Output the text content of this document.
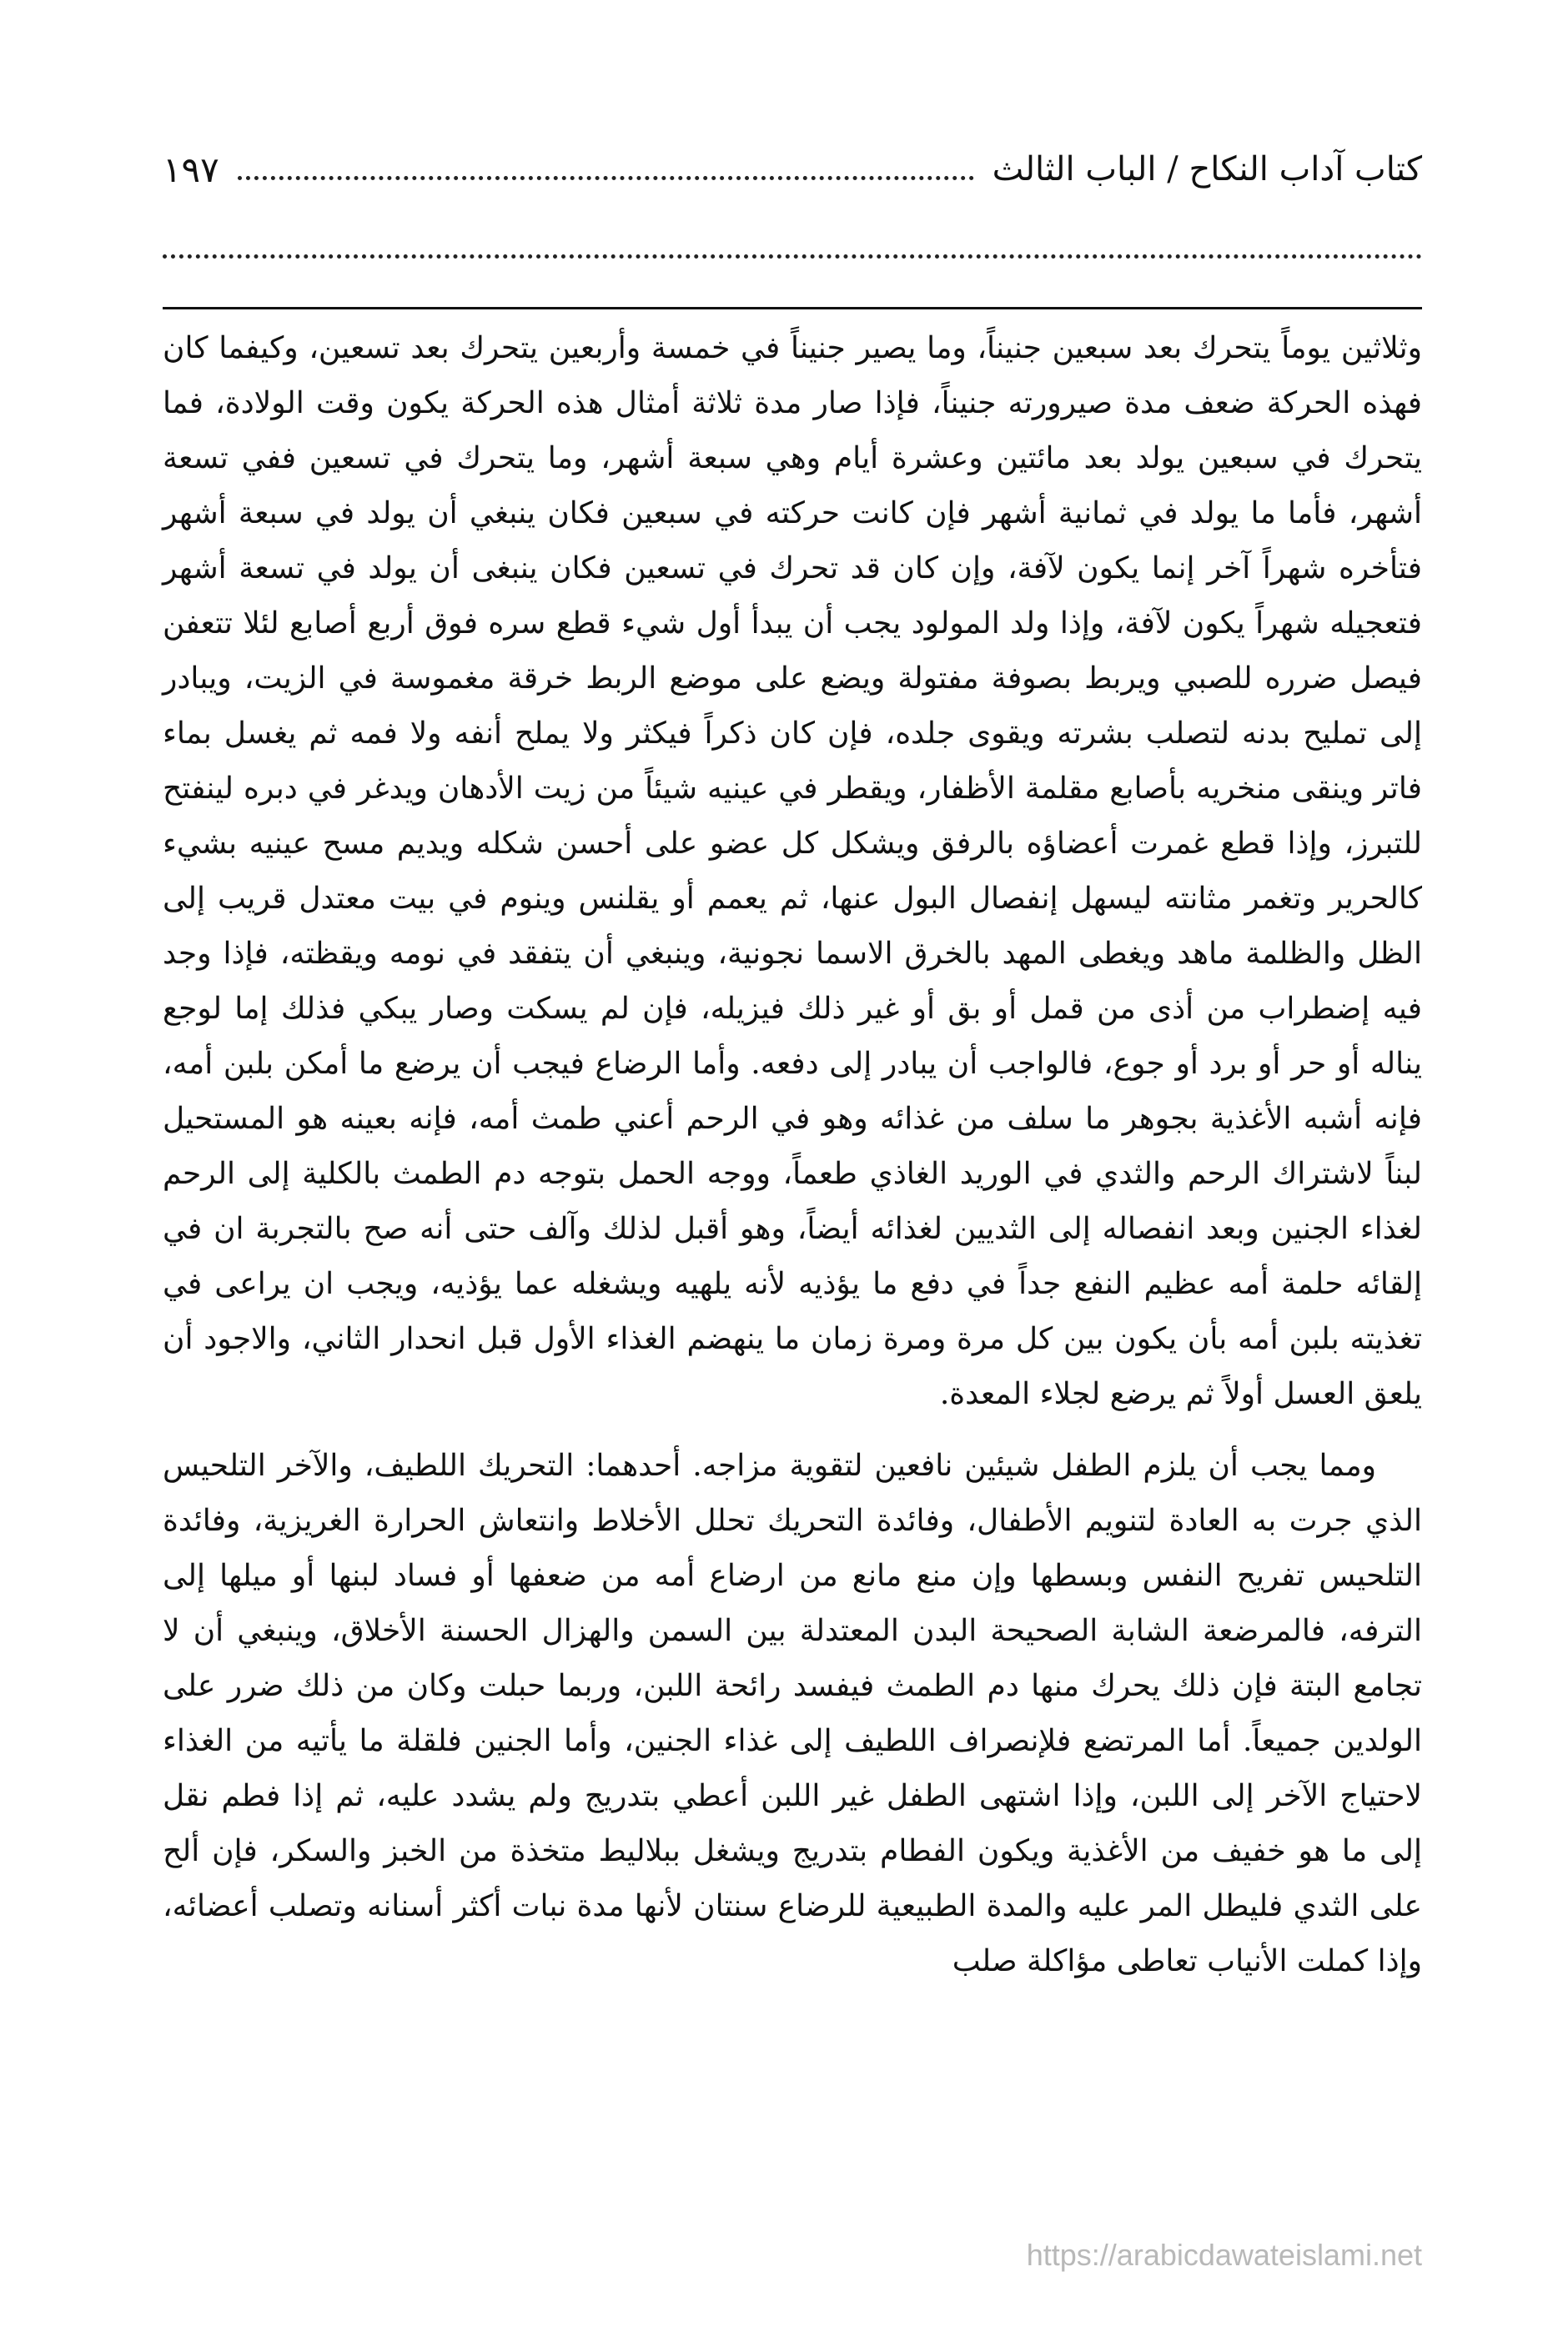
كتاب آداب النكاح / الباب الثالث
١٩٧

وثلاثين يوماً يتحرك بعد سبعين جنيناً، وما يصير جنيناً في خمسة وأربعين يتحرك بعد تسعين، وكيفما كان فهذه الحركة ضعف مدة صيرورته جنيناً، فإذا صار مدة ثلاثة أمثال هذه الحركة يكون وقت الولادة، فما يتحرك في سبعين يولد بعد مائتين وعشرة أيام وهي سبعة أشهر، وما يتحرك في تسعين ففي تسعة أشهر، فأما ما يولد في ثمانية أشهر فإن كانت حركته في سبعين فكان ينبغي أن يولد في سبعة أشهر فتأخره شهراً آخر إنما يكون لآفة، وإن كان قد تحرك في تسعين فكان ينبغى أن يولد في تسعة أشهر فتعجيله شهراً يكون لآفة، وإذا ولد المولود يجب أن يبدأ أول شيء قطع سره فوق أربع أصابع لئلا تتعفن فيصل ضرره للصبي ويربط بصوفة مفتولة ويضع على موضع الربط خرقة مغموسة في الزيت، ويبادر إلى تمليح بدنه لتصلب بشرته ويقوى جلده، فإن كان ذكراً فيكثر ولا يملح أنفه ولا فمه ثم يغسل بماء فاتر وينقى منخريه بأصابع مقلمة الأظفار، ويقطر في عينيه شيئاً من زيت الأدهان ويدغر في دبره لينفتح للتبرز، وإذا قطع غمرت أعضاؤه بالرفق ويشكل كل عضو على أحسن شكله ويديم مسح عينيه بشيء كالحرير وتغمر مثانته ليسهل إنفصال البول عنها، ثم يعمم أو يقلنس وينوم في بيت معتدل قريب إلى الظل والظلمة ماهد ويغطى المهد بالخرق الاسما نجونية، وينبغي أن يتفقد في نومه ويقظته، فإذا وجد فيه إضطراب من أذى من قمل أو بق أو غير ذلك فيزيله، فإن لم يسكت وصار يبكي فذلك إما لوجع يناله أو حر أو برد أو جوع، فالواجب أن يبادر إلى دفعه. وأما الرضاع فيجب أن يرضع ما أمكن بلبن أمه، فإنه أشبه الأغذية بجوهر ما سلف من غذائه وهو في الرحم أعني طمث أمه، فإنه بعينه هو المستحيل لبناً لاشتراك الرحم والثدي في الوريد الغاذي طعماً، ووجه الحمل بتوجه دم الطمث بالكلية إلى الرحم لغذاء الجنين وبعد انفصاله إلى الثديين لغذائه أيضاً، وهو أقبل لذلك وآلف حتى أنه صح بالتجربة ان في إلقائه حلمة أمه عظيم النفع جداً في دفع ما يؤذيه لأنه يلهيه ويشغله عما يؤذيه، ويجب ان يراعى في تغذيته بلبن أمه بأن يكون بين كل مرة ومرة زمان ما ينهضم الغذاء الأول قبل انحدار الثاني، والاجود أن يلعق العسل أولاً ثم يرضع لجلاء المعدة.

ومما يجب أن يلزم الطفل شيئين نافعين لتقوية مزاجه. أحدهما: التحريك اللطيف، والآخر التلحيس الذي جرت به العادة لتنويم الأطفال، وفائدة التحريك تحلل الأخلاط وانتعاش الحرارة الغريزية، وفائدة التلحيس تفريح النفس وبسطها وإن منع مانع من ارضاع أمه من ضعفها أو فساد لبنها أو ميلها إلى الترفه، فالمرضعة الشابة الصحيحة البدن المعتدلة بين السمن والهزال الحسنة الأخلاق، وينبغي أن لا تجامع البتة فإن ذلك يحرك منها دم الطمث فيفسد رائحة اللبن، وربما حبلت وكان من ذلك ضرر على الولدين جميعاً. أما المرتضع فلإنصراف اللطيف إلى غذاء الجنين، وأما الجنين فلقلة ما يأتيه من الغذاء لاحتياج الآخر إلى اللبن، وإذا اشتهى الطفل غير اللبن أعطي بتدريج ولم يشدد عليه، ثم إذا فطم نقل إلى ما هو خفيف من الأغذية ويكون الفطام بتدريج ويشغل ببلاليط متخذة من الخبز والسكر، فإن ألح على الثدي فليطل المر عليه والمدة الطبيعية للرضاع سنتان لأنها مدة نبات أكثر أسنانه وتصلب أعضائه، وإذا كملت الأنياب تعاطى مؤاكلة صلب

https://arabicdawateislami.net
